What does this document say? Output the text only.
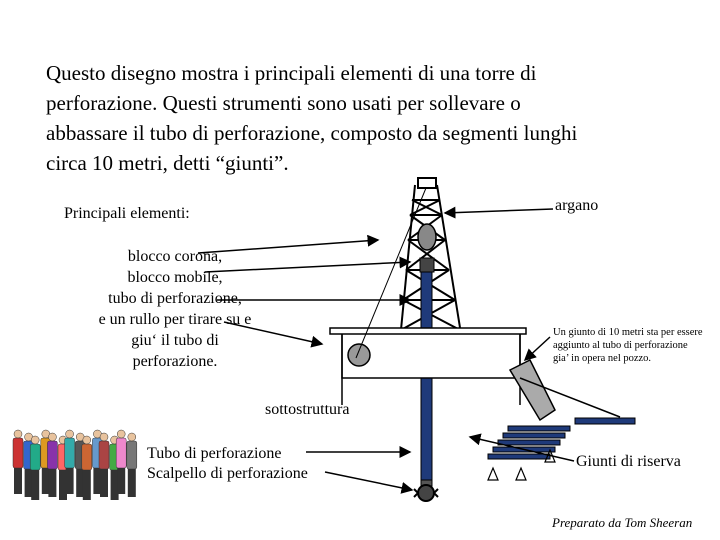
Questo disegno mostra i principali elementi di una torre di
perforazione. Questi strumenti sono usati per sollevare o
abbassare il tubo di perforazione, composto da segmenti lunghi
circa 10 metri, detti “giunti”.
Principali elementi:
blocco corona,
blocco mobile,
tubo di perforazione,
e un rullo per tirare su e
giu‘ il tubo di
perforazione.
argano
Un giunto di 10 metri sta per essere aggiunto al tubo di perforazione gia’ in opera nel pozzo.
sottostruttura
Tubo di perforazione
Scalpello di perforazione
Giunti di riserva
Preparato da Tom Sheeran
